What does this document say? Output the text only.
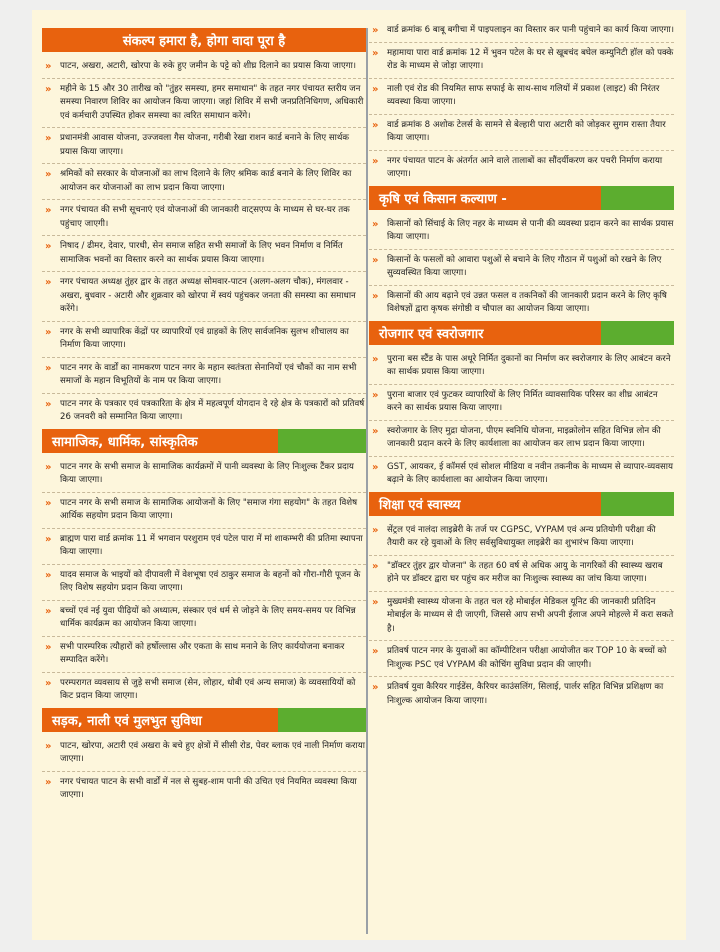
संकल्प हमारा है, होगा वादा पूरा है
» पाटन, अखरा, अटारी, खोरपा के रुके हुए जमीन के पट्टे को शीघ्र दिलाने का प्रयास किया जाएगा।
» महीने के 15 और 30 तारीख को "तुंहर समस्या, हमर समाधान" के तहत नगर पंचायत स्तरीय जन समस्या निवारण शिविर का आयोजन किया जाएगा। जहां शिविर में सभी जनप्रतिनिधिगण, अधिकारी एवं कर्मचारी उपस्थित होकर समस्या का त्वरित समाधान करेंगे।
» प्रधानमंत्री आवास योजना, उज्जवला गैस योजना, गरीबी रेखा राशन कार्ड बनाने के लिए सार्थक प्रयास किया जाएगा।
» श्रमिकों को सरकार के योजनाओं का लाभ दिलाने के लिए श्रमिक कार्ड बनाने के लिए शिविर का आयोजन कर योजनाओं का लाभ प्रदान किया जाएगा।
» नगर पंचायत की सभी सूचनाएं एवं योजनाओं की जानकारी वाट्सएप्प के माध्यम से घर-घर तक पहुंचाए जाएगी।
» निषाद / ढीमर, देवार, पारधी, सेन समाज सहित सभी समाजों के लिए भवन निर्माण व निर्मित सामाजिक भवनों का विस्तार करने का सार्थक प्रयास किया जाएगा।
» नगर पंचायत अध्यक्ष तुंहर द्वार के तहत अध्यक्ष सोमवार-पाटन (अलग-अलग चौक), मंगलवार - अखरा, बुधवार - अटारी और शुक्रवार को खोरपा में स्वयं पहुंचकर जनता की समस्या का समाधान करेंगे।
» नगर के सभी व्यापारिक केंद्रों पर व्यापारियों एवं ग्राहकों के लिए सार्वजनिक सुलभ शौचालय का निर्माण किया जाएगा।
» पाटन नगर के वार्डों का नामकरण पाटन नगर के महान स्वतंत्रता सेनानियों एवं चौकों का नाम सभी समाजों के महान विभूतियों के नाम पर किया जाएगा।
» पाटन नगर के पत्रकार एवं पत्रकारिता के क्षेत्र में महत्वपूर्ण योगदान दे रहे क्षेत्र के पत्रकारों को प्रतिवर्ष 26 जनवरी को सम्मानित किया जाएगा।
सामाजिक, धार्मिक, सांस्कृतिक
» पाटन नगर के सभी समाज के सामाजिक कार्यक्रमों में पानी व्यवस्था के लिए निःशुल्क टैंकर प्रदाय किया जाएगा।
» पाटन नगर के सभी समाज के सामाजिक आयोजनों के लिए "समाज गंगा सहयोग" के तहत विशेष आर्थिक सहयोग प्रदान किया जाएगा।
» ब्राह्मण पारा वार्ड क्रमांक 11 में भगवान परशुराम एवं पटेल पारा में मां शाकम्भरी की प्रतिमा स्थापना किया जाएगा।
» यादव समाज के भाइयों को दीपावली में वेशभूषा एवं ठाकुर समाज के बहनों को गौरा-गौरी पूजन के लिए विशेष सहयोग प्रदान किया जाएगा।
» बच्चों एवं नई युवा पीढ़ियों को अध्यात्म, संस्कार एवं धर्म से जोड़ने के लिए समय-समय पर विभिन्न धार्मिक कार्यक्रम का आयोजन किया जाएगा।
» सभी पारम्परिक त्यौहारों को हर्षोल्लास और एकता के साथ मनाने के लिए कार्ययोजना बनाकर सम्पादित करेंगे।
» परम्परागत व्यवसाय से जुड़े सभी समाज (सेन, लोहार, धोबी एवं अन्य समाज) के व्यवसायियों को किट प्रदान किया जाएगा।
सड़क, नाली एवं मुलभुत सुविधा
» पाटन, खोरपा, अटारी एवं अखरा के बचे हुए क्षेत्रों में सीसी रोड, पेवर ब्लाक एवं नाली निर्माण कराया जाएगा।
» नगर पंचायत पाटन के सभी वार्डों में नल से सुबह-शाम पानी की उचित एवं नियमित व्यवस्था किया जाएगा।
» वार्ड क्रमांक 6 बाबू बगीचा में पाइपलाइन का विस्तार कर पानी पहुंचाने का कार्य किया जाएगा।
» महामाया पारा वार्ड क्रमांक 12 में भुवन पटेल के घर से खूबचंद बघेल कम्युनिटी हॉल को पक्के रोड के माध्यम से जोड़ा जाएगा।
» नाली एवं रोड की नियमित साफ सफाई के साथ-साथ गलियों में प्रकाश (लाइट) की निरंतर व्यवस्था किया जाएगा।
» वार्ड क्रमांक 8 अशोक टेलर्स के सामने से बेल्हारी पारा अटारी को जोड़कर सुगम रास्ता तैयार किया जाएगा।
» नगर पंचायत पाटन के अंतर्गत आने वाले तालाबों का सौंदर्यीकरण कर पचरी निर्माण कराया जाएगा।
कृषि एवं किसान कल्याण -
» किसानों को सिंचाई के लिए नहर के माध्यम से पानी की व्यवस्था प्रदान करने का सार्थक प्रयास किया जाएगा।
» किसानों के फसलों को आवारा पशुओं से बचाने के लिए गौठान में पशुओं को रखने के लिए सुव्यवस्थित किया जाएगा।
» किसानों की आय बढ़ाने एवं उन्नत फसल व तकनिकों की जानकारी प्रदान करने के लिए कृषि विशेषज्ञों द्वारा कृषक संगोष्ठी व चौपाल का आयोजन किया जाएगा।
रोजगार एवं स्वरोजगार
» पुराना बस स्टैंड के पास अधूरे निर्मित दुकानों का निर्माण कर स्वरोजगार के लिए आबंटन करने का सार्थक प्रयास किया जाएगा।
» पुराना बाजार एवं फुटकर व्यापारियों के लिए निर्मित व्यावसायिक परिसर का शीघ्र आबंटन करने का सार्थक प्रयास किया जाएगा।
» स्वरोजगार के लिए मुद्रा योजना, पीएम स्वनिधि योजना, माइक्रोलोन सहित विभिन्न लोन की जानकारी प्रदान करने के लिए कार्यशाला का आयोजन कर लाभ प्रदान किया जाएगा।
» GST, आयकर, ई कॉमर्स एवं सोशल मीडिया व नवीन तकनीक के माध्यम से व्यापार-व्यवसाय बढ़ाने के लिए कार्यशाला का आयोजन किया जाएगा।
शिक्षा एवं स्वास्थ्य
» सेंट्रल एवं नालंदा लाइब्रेरी के तर्ज पर CGPSC, VYPAM एवं अन्य प्रतियोगी परीक्षा की तैयारी कर रहे युवाओं के लिए सर्वसुविधायुक्त लाइब्रेरी का शुभारंभ किया जाएगा।
» "डॉक्टर तुंहर द्वार योजना" के तहत 60 वर्ष से अधिक आयु के नागरिकों की स्वास्थ्य खराब होने पर डॉक्टर द्वारा घर पहुंच कर मरीज का निःशुल्क स्वास्थ्य का जांच किया जाएगा।
» मुख्यमंत्री स्वास्थ्य योजना के तहत चल रहे मोबाईल मेडिकल यूनिट की जानकारी प्रतिदिन मोबाईल के माध्यम से दी जाएगी, जिससे आप सभी अपनी ईलाज अपने मोहल्ले में करा सकते है।
» प्रतिवर्ष पाटन नगर के युवाओं का कॉम्पीटिशन परीक्षा आयोजीत कर TOP 10 के बच्चों को निःशुल्क PSC एवं VYPAM की कोचिंग सुविधा प्रदान की जाएगी।
» प्रतिवर्ष युवा कैरियर गाईडेंस, कैरियर काउंसलिंग, सिलाई, पार्लर सहित विभिन्न प्रशिक्षण का निःशुल्क आयोजन किया जाएगा।
